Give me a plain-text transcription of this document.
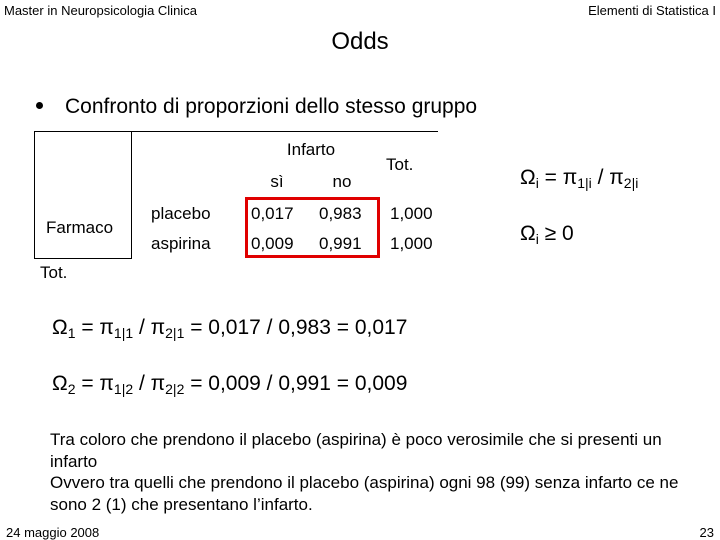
Master in Neuropsicologia Clinica	Elementi di Statistica I
Odds
Confronto di proporzioni dello stesso gruppo
Infarto
sì	no
Tot.
Farmaco
placebo 0,017 0,983 1,000
aspirina 0,009 0,991 1,000
Tot.
$\Omega_i = \pi_{1|i} / \pi_{2|i}$
$\Omega_i \ge 0$
$\Omega_1 = \pi_{1|1} / \pi_{2|1} = 0,017 / 0,983 = 0,017$
$\Omega_2 = \pi_{1|2} / \pi_{2|2} = 0,009 / 0,991 = 0,009$
Tra coloro che prendono il placebo (aspirina) è poco verosimile che si presenti un infarto
Ovvero tra quelli che prendono il placebo (aspirina) ogni 98 (99) senza infarto ce ne sono 2 (1) che presentano l’infarto.
24 maggio 2008	23
